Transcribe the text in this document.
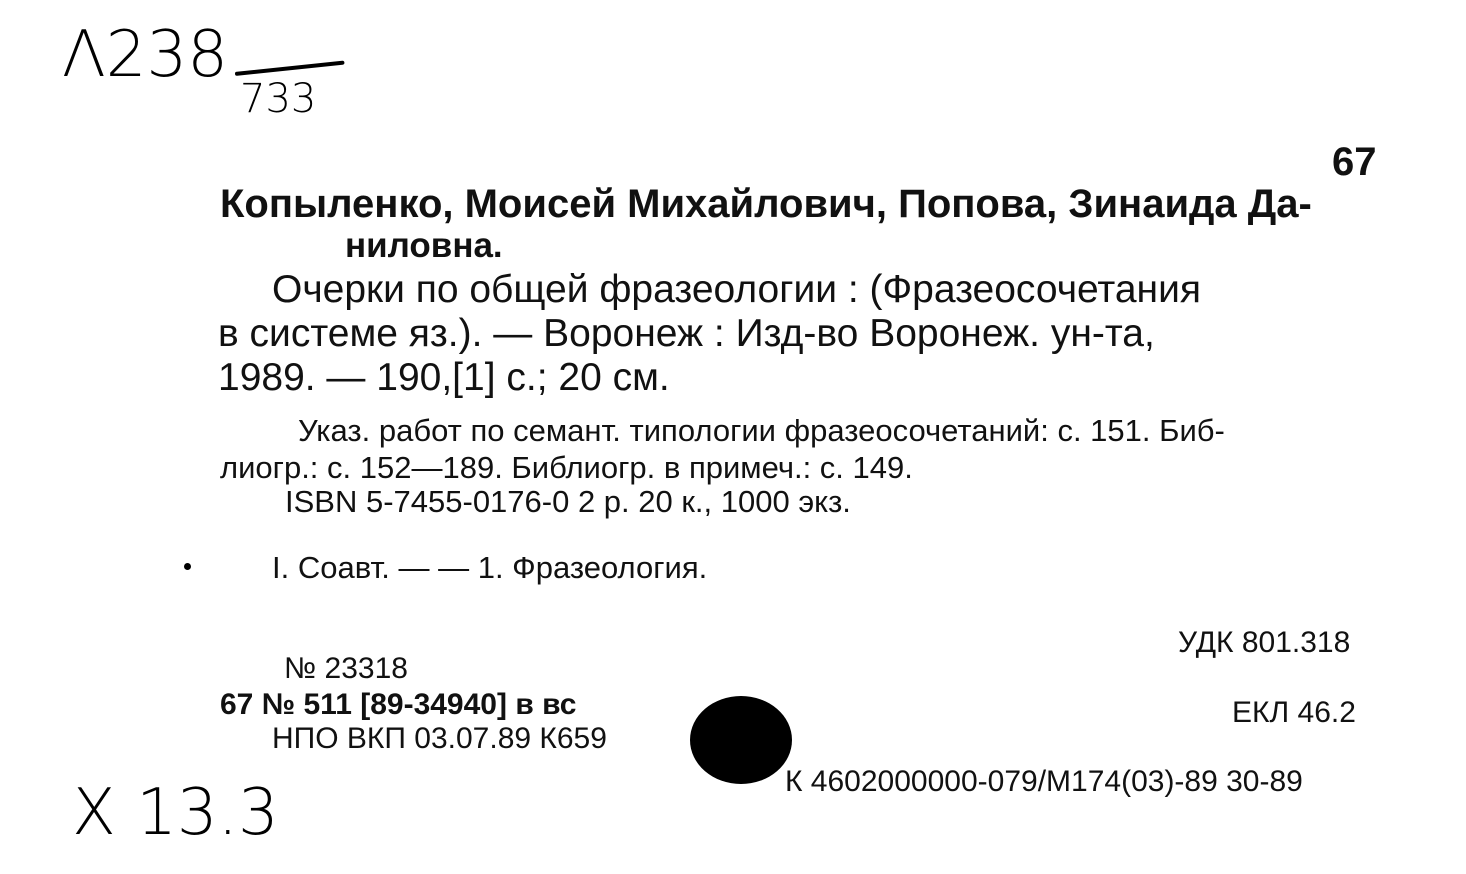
Λ238
733
Х 13.3
67
Копыленко, Моисей Михайлович, Попова, Зинаида Да-
ниловна.
Очерки по общей фразеологии : (Фразеосочетания
в системе яз.). — Воронеж : Изд-во Воронеж. ун-та,
1989. — 190,[1] с.; 20 см.
Указ. работ по семант. типологии фразеосочетаний: с. 151. Биб-
лиогр.: с. 152—189. Библиогр. в примеч.: с. 149.
ISBN 5-7455-0176-0 2 р. 20 к., 1000 экз.
I. Соавт. — — 1. Фразеология.
УДК 801.318
ЕКЛ 46.2
№ 23318
67 № 511 [89-34940] в вс
НПО ВКП 03.07.89 К659
К 4602000000-079/М174(03)-89 30-89
